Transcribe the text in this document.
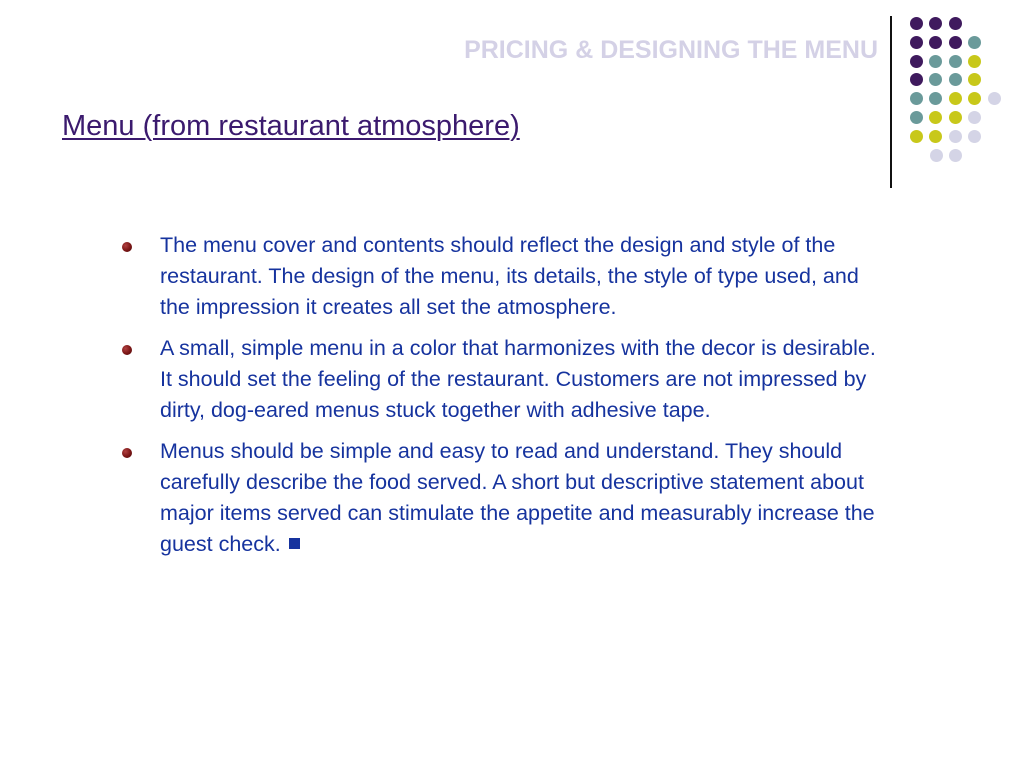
PRICING & DESIGNING THE MENU
Menu (from restaurant atmosphere)
The menu cover and contents should reflect the design and style of the restaurant. The design of the menu, its details, the style of type used, and the impression it creates all set the atmosphere.
A small, simple menu in a color that harmonizes with the decor is desirable. It should set the feeling of the restaurant. Customers are not impressed by dirty, dog-eared menus stuck together with adhesive tape.
Menus should be simple and easy to read and understand. They should carefully describe the food served. A short but descriptive statement about major items served can stimulate the appetite and measurably increase the guest check.
